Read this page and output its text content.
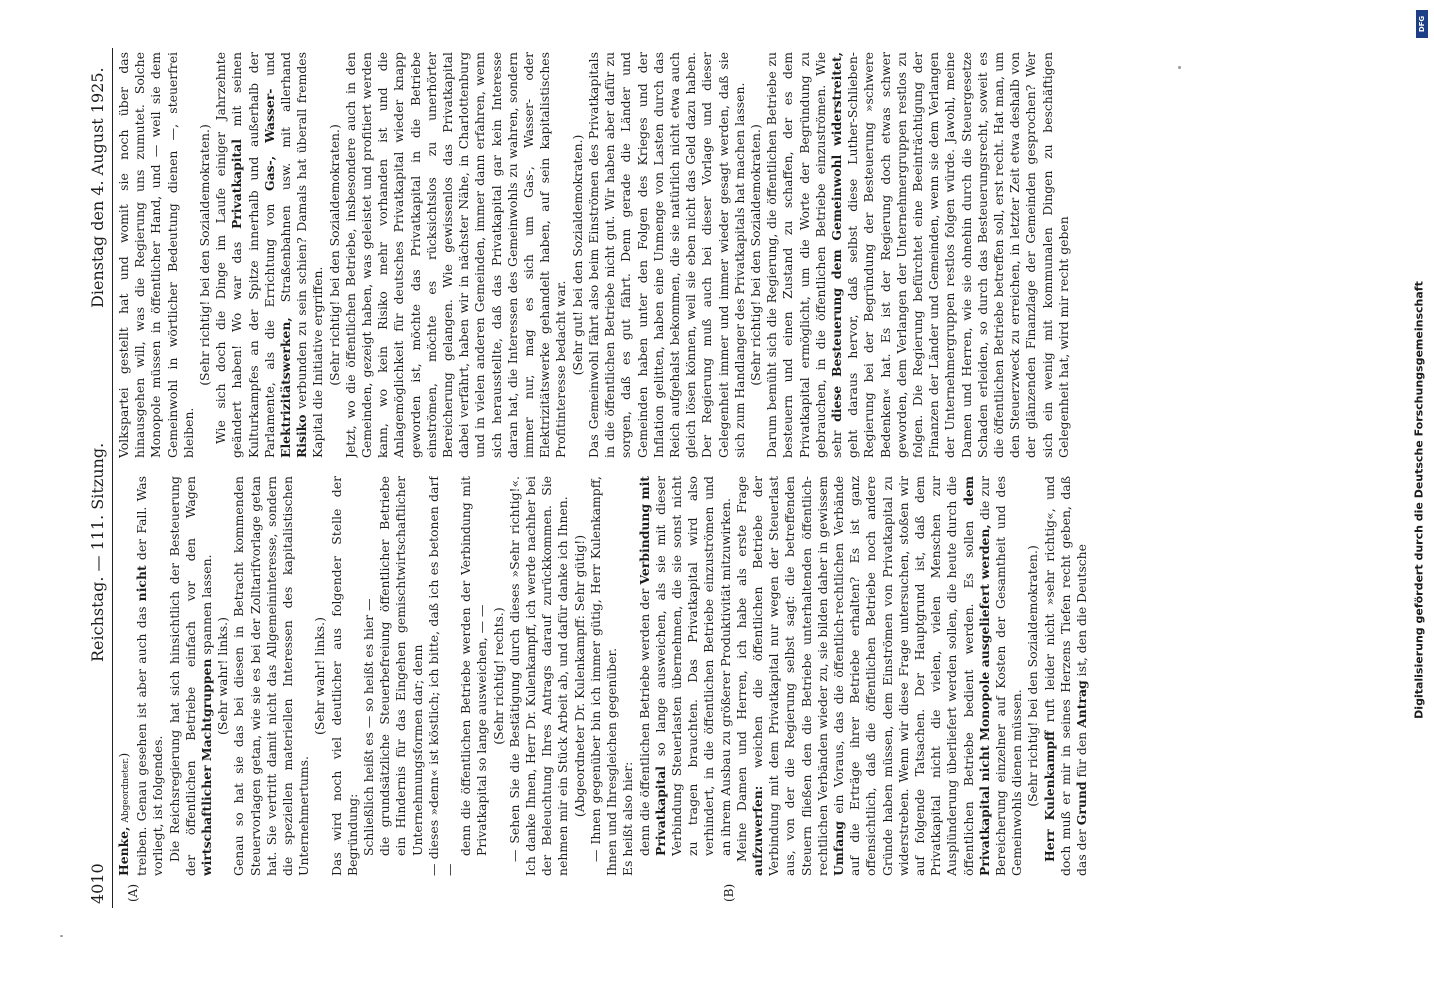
4010
Reichstag. — 111. Sitzung.
Dienstag den 4. August 1925.
(A)	(B)

Henke, Abgeordneter.) treiben. Genau gesehen ist aber auch das nicht der Fall. Was vorliegt, ist folgendes. Die Reichsregierung hat sich hinsichtlich der Besteuerung der öffentlichen Betriebe einfach vor den Wagen wirtschaftlicher Machtgruppen spannen lassen.

(Sehr wahr! links.) Genau so hat sie das bei diesen in Betracht kommenden Steuervorlagen getan, wie sie es bei der Zolltarifvorlage getan hat. Sie vertritt damit nicht das Allgemeininteresse, sondern die speziellen materiellen Interessen des kapitalistischen Unternehmertums.

(Sehr wahr! links.) Das wird noch viel deutlicher aus folgender Stelle der Begründung: Schließlich heißt es — so heißt es hier — die grundsätzliche Steuerbefreiung öffentlicher Betriebe ein Hindernis für das Eingehen gemischtwirtschaftlicher Unternehmungsformen dar; denn — dieses »denn« ist köstlich; ich bitte, daß ich es betonen darf —

denn die öffentlichen Betriebe werden der Verbindung mit Privatkapital so lange ausweichen, — — (Sehr richtig! rechts.) — Sehen Sie die Bestätigung durch dieses »Sehr richtig!«. Ich danke Ihnen, Herr Dr. Kulenkampff, ich werde nachher bei der Beleuchtung Ihres Antrags darauf zurückkommen. Sie nehmen mir ein Stück Arbeit ab, und dafür danke ich Ihnen. (Abgeordneter Dr. Kulenkampff: Sehr gütig!) — Ihnen gegenüber bin ich immer gütig, Herr Kulenkampff, Ihnen und Ihresgleichen gegenüber. Es heißt also hier: denn die öffentlichen Betriebe werden der Verbindung mit Privatkapital so lange ausweichen, als sie mit dieser Verbindung Steuerlasten übernehmen, die sie sonst nicht zu tragen brauchten. Das Privatkapital wird also verhindert, in die öffentlichen Betriebe einzuströmen und an ihrem Ausbau zu größerer Produktivität mitzuwirken. Meine Damen und Herren, ich habe als erste Frage aufzuwerfen: weichen die öffentlichen Betriebe der Verbindung mit dem Privatkapital nur wegen der Steuerlast aus, von der die Regierung selbst sagt: die betreffenden Steuern fließen den die Betriebe unterhaltenden öffentlich-rechtlichen Verbänden wieder zu, sie bilden daher in gewissem Umfang ein Voraus, das die öffentlich-rechtlichen Verbände auf die Erträge ihrer Betriebe erhalten? Es ist ganz offensichtlich, daß die öffentlichen Betriebe noch andere Gründe haben müssen, dem Einströmen von Privatkapital zu widerstreben. Wenn wir diese Frage untersuchen, stoßen wir auf folgende Tatsachen. Der Hauptgrund ist, daß dem Privatkapital nicht die vielen, vielen Menschen zur Ausplünderung überliefert werden sollen, die heute durch die öffentlichen Betriebe bedient werden. Es sollen dem Privatkapital nicht Monopole ausgeliefert werden, die zur Bereicherung einzelner auf Kosten der Gesamtheit und des Gemeinwohls dienen müssen. (Sehr richtig! bei den Sozialdemokraten.) Herr Kulenkampff ruft leider nicht »sehr richtig«, und doch muß er mir in seines Herzens Tiefen recht geben, daß das der Grund für den Antrag ist, den die Deutsche

Volkspartei gestellt hat und womit sie noch über das hinausgehen will, was die Regierung uns zumutet. Solche Monopole müssen in öffentlicher Hand, und — weil sie dem Gemeinwohl in wörtlicher Bedeutung dienen —, steuerfrei bleiben.

(Sehr richtig! bei den Sozialdemokraten.) Wie sich doch die Dinge im Laufe einiger Jahrzehnte geändert haben! Wo war das Privatkapital mit seinen Kulturkampfes an der Spitze innerhalb und außerhalb der Parlamente, als die Errichtung von Gas-, Wasser- und Elektrizitätswerken, Straßenbahnen usw. mit allerhand Risiko verbunden zu sein schien? Damals hat überall fremdes Kapital die Initiative ergriffen. (Sehr richtig! bei den Sozialdemokraten.) Jetzt, wo die öffentlichen Betriebe, insbesondere auch in den Gemeinden, gezeigt haben, was geleistet und profitiert werden kann, wo kein Risiko mehr vorhanden ist und die Anlagemöglichkeit für deutsches Privatkapital wieder knapp geworden ist, möchte das Privatkapital in die Betriebe einströmen, möchte es rücksichtslos zu unerhörter Bereicherung gelangen. Wie gewissenlos das Privatkapital dabei verfährt, haben wir in nächster Nähe, in Charlottenburg und in vielen anderen Gemeinden, immer dann erfahren, wenn sich herausstellte, daß das Privatkapital gar kein Interesse daran hat, die Interessen des Gemeinwohls zu wahren, sondern immer nur, mag es sich um Gas-, Wasser- oder Elektrizitätswerke gehandelt haben, auf sein kapitalistisches Profitinteresse bedacht war. (Sehr gut! bei den Sozialdemokraten.) Das Gemeinwohl fährt also beim Einströmen des Privatkapitals in die öffentlichen Betriebe nicht gut. Wir haben aber dafür zu sorgen, daß es gut fährt. Denn gerade die Länder und Gemeinden haben unter den Folgen des Krieges und der Inflation gelitten, haben eine Unmenge von Lasten durch das Reich aufgehalst bekommen, die sie natürlich nicht etwa auch gleich lösen können, weil sie eben nicht das Geld dazu haben. Der Regierung muß auch bei dieser Vorlage und dieser Gelegenheit immer und immer wieder gesagt werden, daß sie sich zum Handlanger des Privatkapitals hat machen lassen. (Sehr richtig! bei den Sozialdemokraten.) Darum bemüht sich die Regierung, die öffentlichen Betriebe zu besteuern und einen Zustand zu schaffen, der es dem Privatkapital ermöglicht, um die Worte der Begründung zu gebrauchen, in die öffentlichen Betriebe einzuströmen. Wie sehr diese Besteuerung dem Gemeinwohl widerstreitet, geht daraus hervor, daß selbst diese Luther-Schlieben-Regierung bei der Begründung der Besteuerung »schwere Bedenken« hat. Es ist der Regierung doch etwas schwer geworden, dem Verlangen der Unternehmergruppen restlos zu folgen. Die Regierung befürchtet eine Beeinträchtigung der Finanzen der Länder und Gemeinden, wenn sie dem Verlangen der Unternehmergruppen restlos folgen würde. Jawohl, meine Damen und Herren, wie sie ohnehin durch die Steuergesetze Schaden erleiden, so durch das Besteuerungsrecht, soweit es die öffentlichen Betriebe betreffen soll, erst recht. Hat man, um den Steuerzweck zu erreichen, in letzter Zeit etwa deshalb von der glänzenden Finanzlage der Gemeinden gesprochen? Wer sich ein wenig mit kommunalen Dingen zu beschäftigen Gelegenheit hat, wird mir recht geben

DFG
Digitalisierung gefördert durch die Deutsche Forschungsgemeinschaft
